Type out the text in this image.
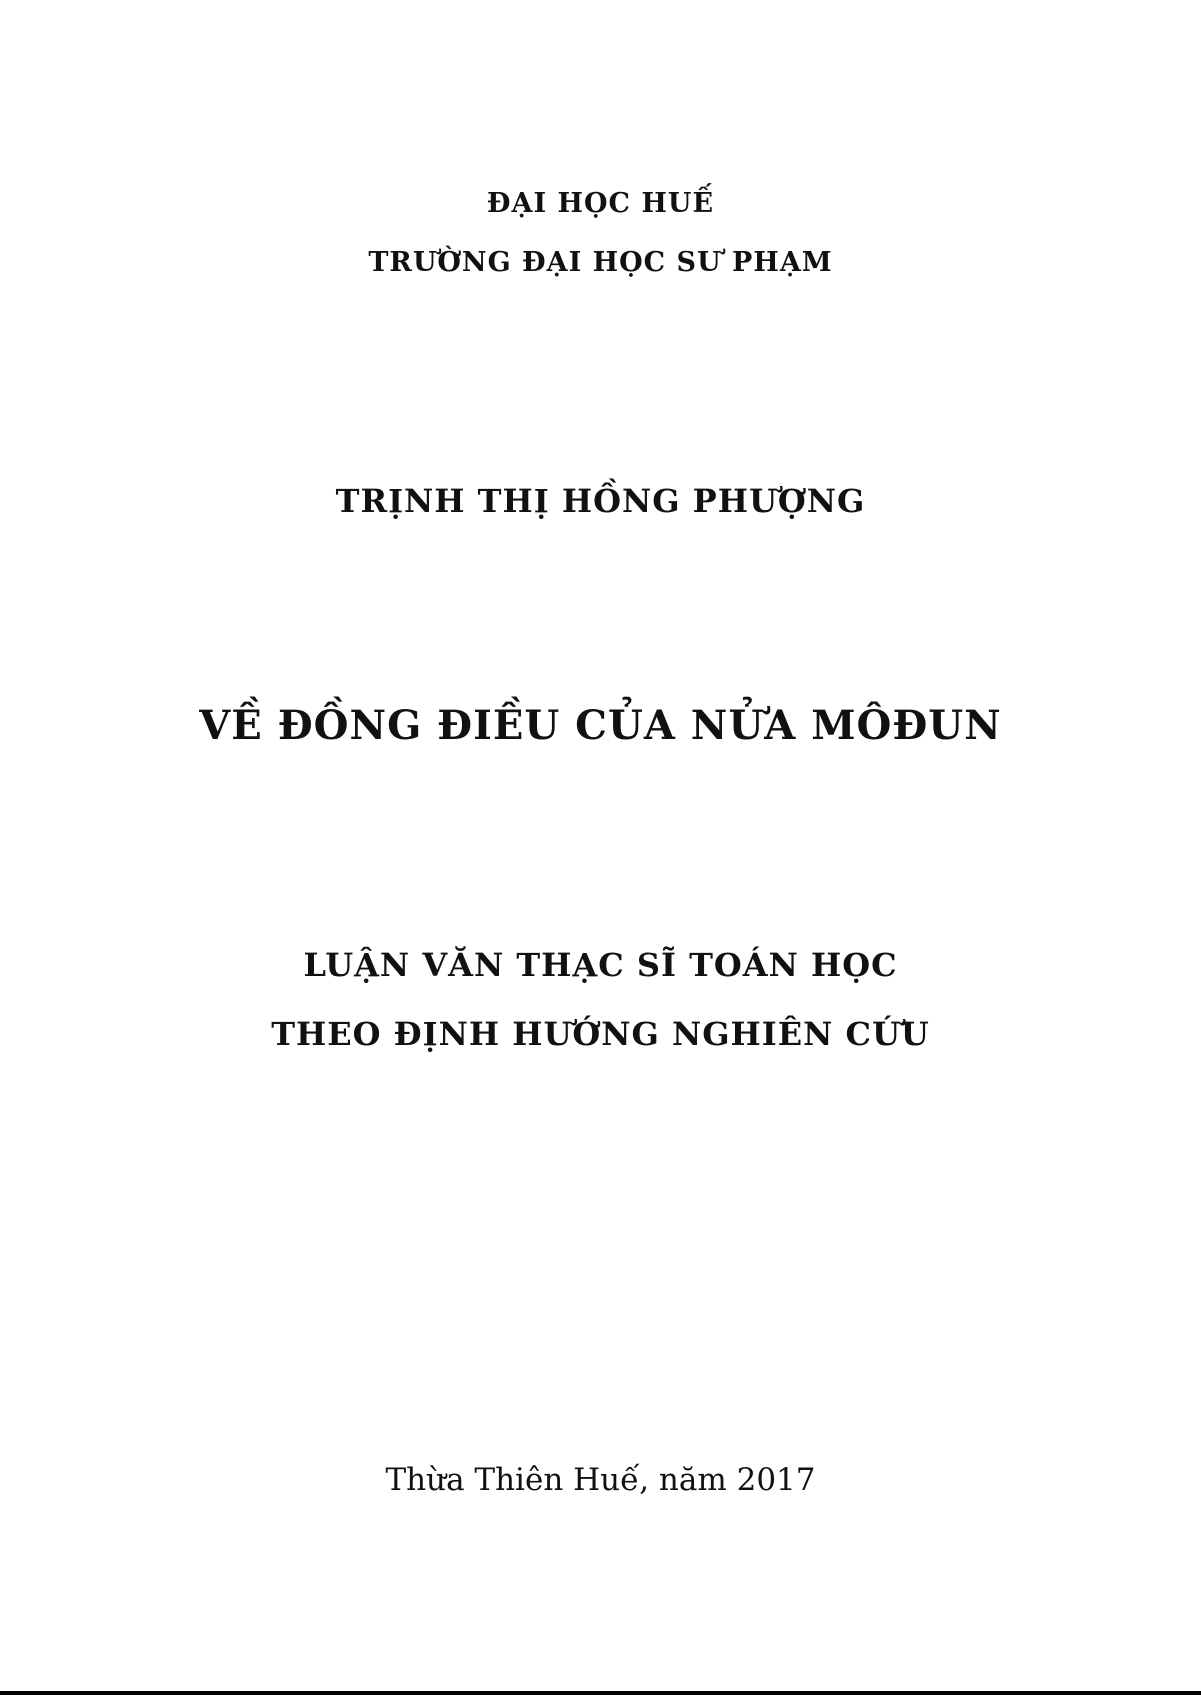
ĐẠI HỌC HUẾ
TRƯỜNG ĐẠI HỌC SƯ PHẠM
TRỊNH THỊ HỒNG PHƯỢNG
VỀ ĐỒNG ĐIỀU CỦA NỬA MÔĐUN
LUẬN VĂN THẠC SĨ TOÁN HỌC
THEO ĐỊNH HƯỚNG NGHIÊN CỨU
Thừa Thiên Huế, năm 2017
